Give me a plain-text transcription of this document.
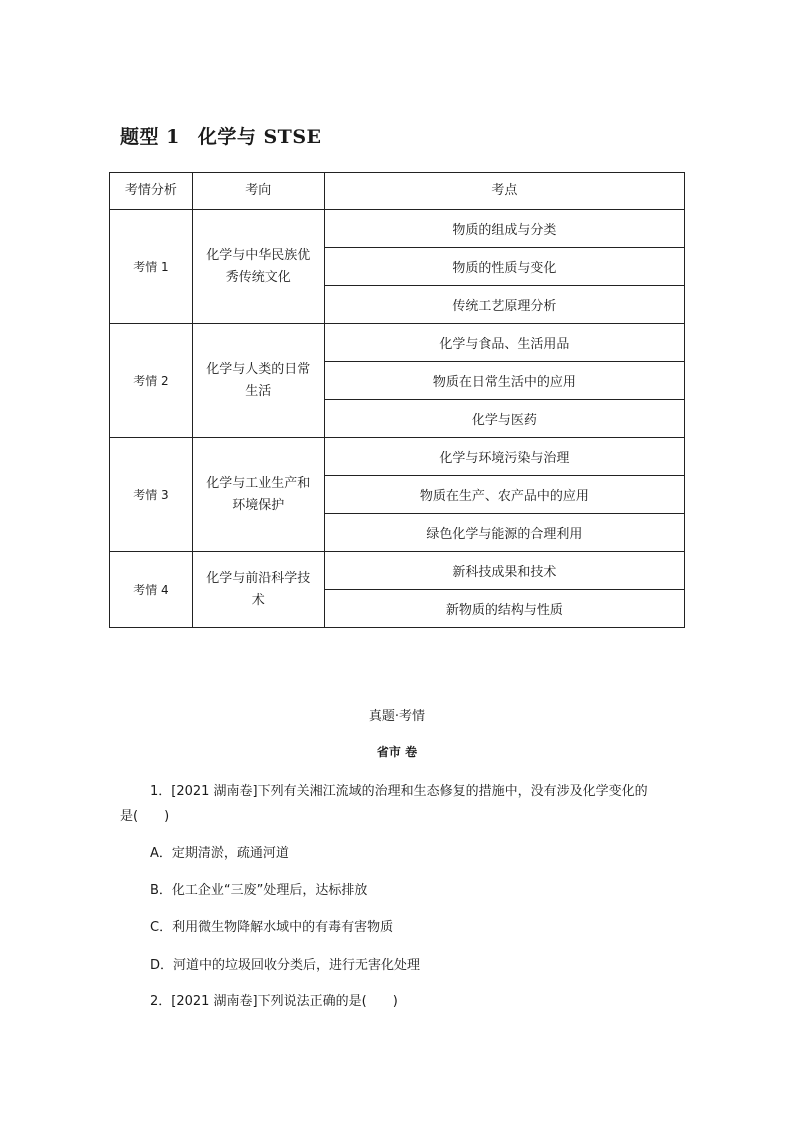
题型 1 化学与 STSE
考情分析	考向	考点
考情 1	化学与中华民族优秀传统文化	物质的组成与分类
		物质的性质与变化
		传统工艺原理分析
考情 2	化学与人类的日常生活	化学与食品、生活用品
		物质在日常生活中的应用
		化学与医药
考情 3	化学与工业生产和环境保护	化学与环境污染与治理
		物质在生产、农产品中的应用
		绿色化学与能源的合理利用
考情 4	化学与前沿科学技术	新科技成果和技术
		新物质的结构与性质
真题·考情
省市 卷
1．[2021 湖南卷]下列有关湘江流域的治理和生态修复的措施中，没有涉及化学变化的
是(　　)
A．定期清淤，疏通河道
B．化工企业“三废”处理后，达标排放
C．利用微生物降解水域中的有毒有害物质
D．河道中的垃圾回收分类后，进行无害化处理
2．[2021 湖南卷]下列说法正确的是(　　)
